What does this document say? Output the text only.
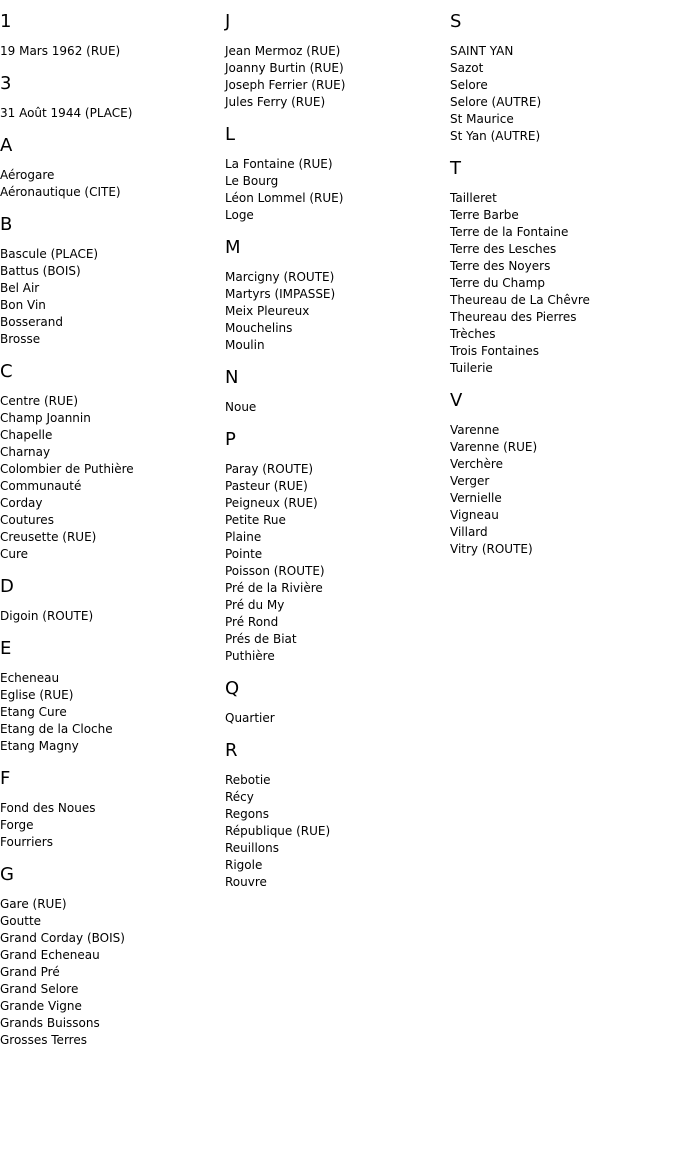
1
19 Mars 1962 (RUE)
3
31 Août 1944 (PLACE)
A
Aérogare
Aéronautique (CITE)
B
Bascule (PLACE)
Battus (BOIS)
Bel Air
Bon Vin
Bosserand
Brosse
C
Centre (RUE)
Champ Joannin
Chapelle
Charnay
Colombier de Puthière
Communauté
Corday
Coutures
Creusette (RUE)
Cure
D
Digoin (ROUTE)
E
Echeneau
Eglise (RUE)
Etang Cure
Etang de la Cloche
Etang Magny
F
Fond des Noues
Forge
Fourriers
G
Gare (RUE)
Goutte
Grand Corday (BOIS)
Grand Echeneau
Grand Pré
Grand Selore
Grande Vigne
Grands Buissons
Grosses Terres
J
Jean Mermoz (RUE)
Joanny Burtin (RUE)
Joseph Ferrier (RUE)
Jules Ferry (RUE)
L
La Fontaine (RUE)
Le Bourg
Léon Lommel (RUE)
Loge
M
Marcigny (ROUTE)
Martyrs (IMPASSE)
Meix Pleureux
Mouchelins
Moulin
N
Noue
P
Paray (ROUTE)
Pasteur (RUE)
Peigneux (RUE)
Petite Rue
Plaine
Pointe
Poisson (ROUTE)
Pré de la Rivière
Pré du My
Pré Rond
Prés de Biat
Puthière
Q
Quartier
R
Rebotie
Récy
Regons
République (RUE)
Reuillons
Rigole
Rouvre
S
SAINT YAN
Sazot
Selore
Selore (AUTRE)
St Maurice
St Yan (AUTRE)
T
Tailleret
Terre Barbe
Terre de la Fontaine
Terre des Lesches
Terre des Noyers
Terre du Champ
Theureau de La Chêvre
Theureau des Pierres
Trèches
Trois Fontaines
Tuilerie
V
Varenne
Varenne (RUE)
Verchère
Verger
Vernielle
Vigneau
Villard
Vitry (ROUTE)
